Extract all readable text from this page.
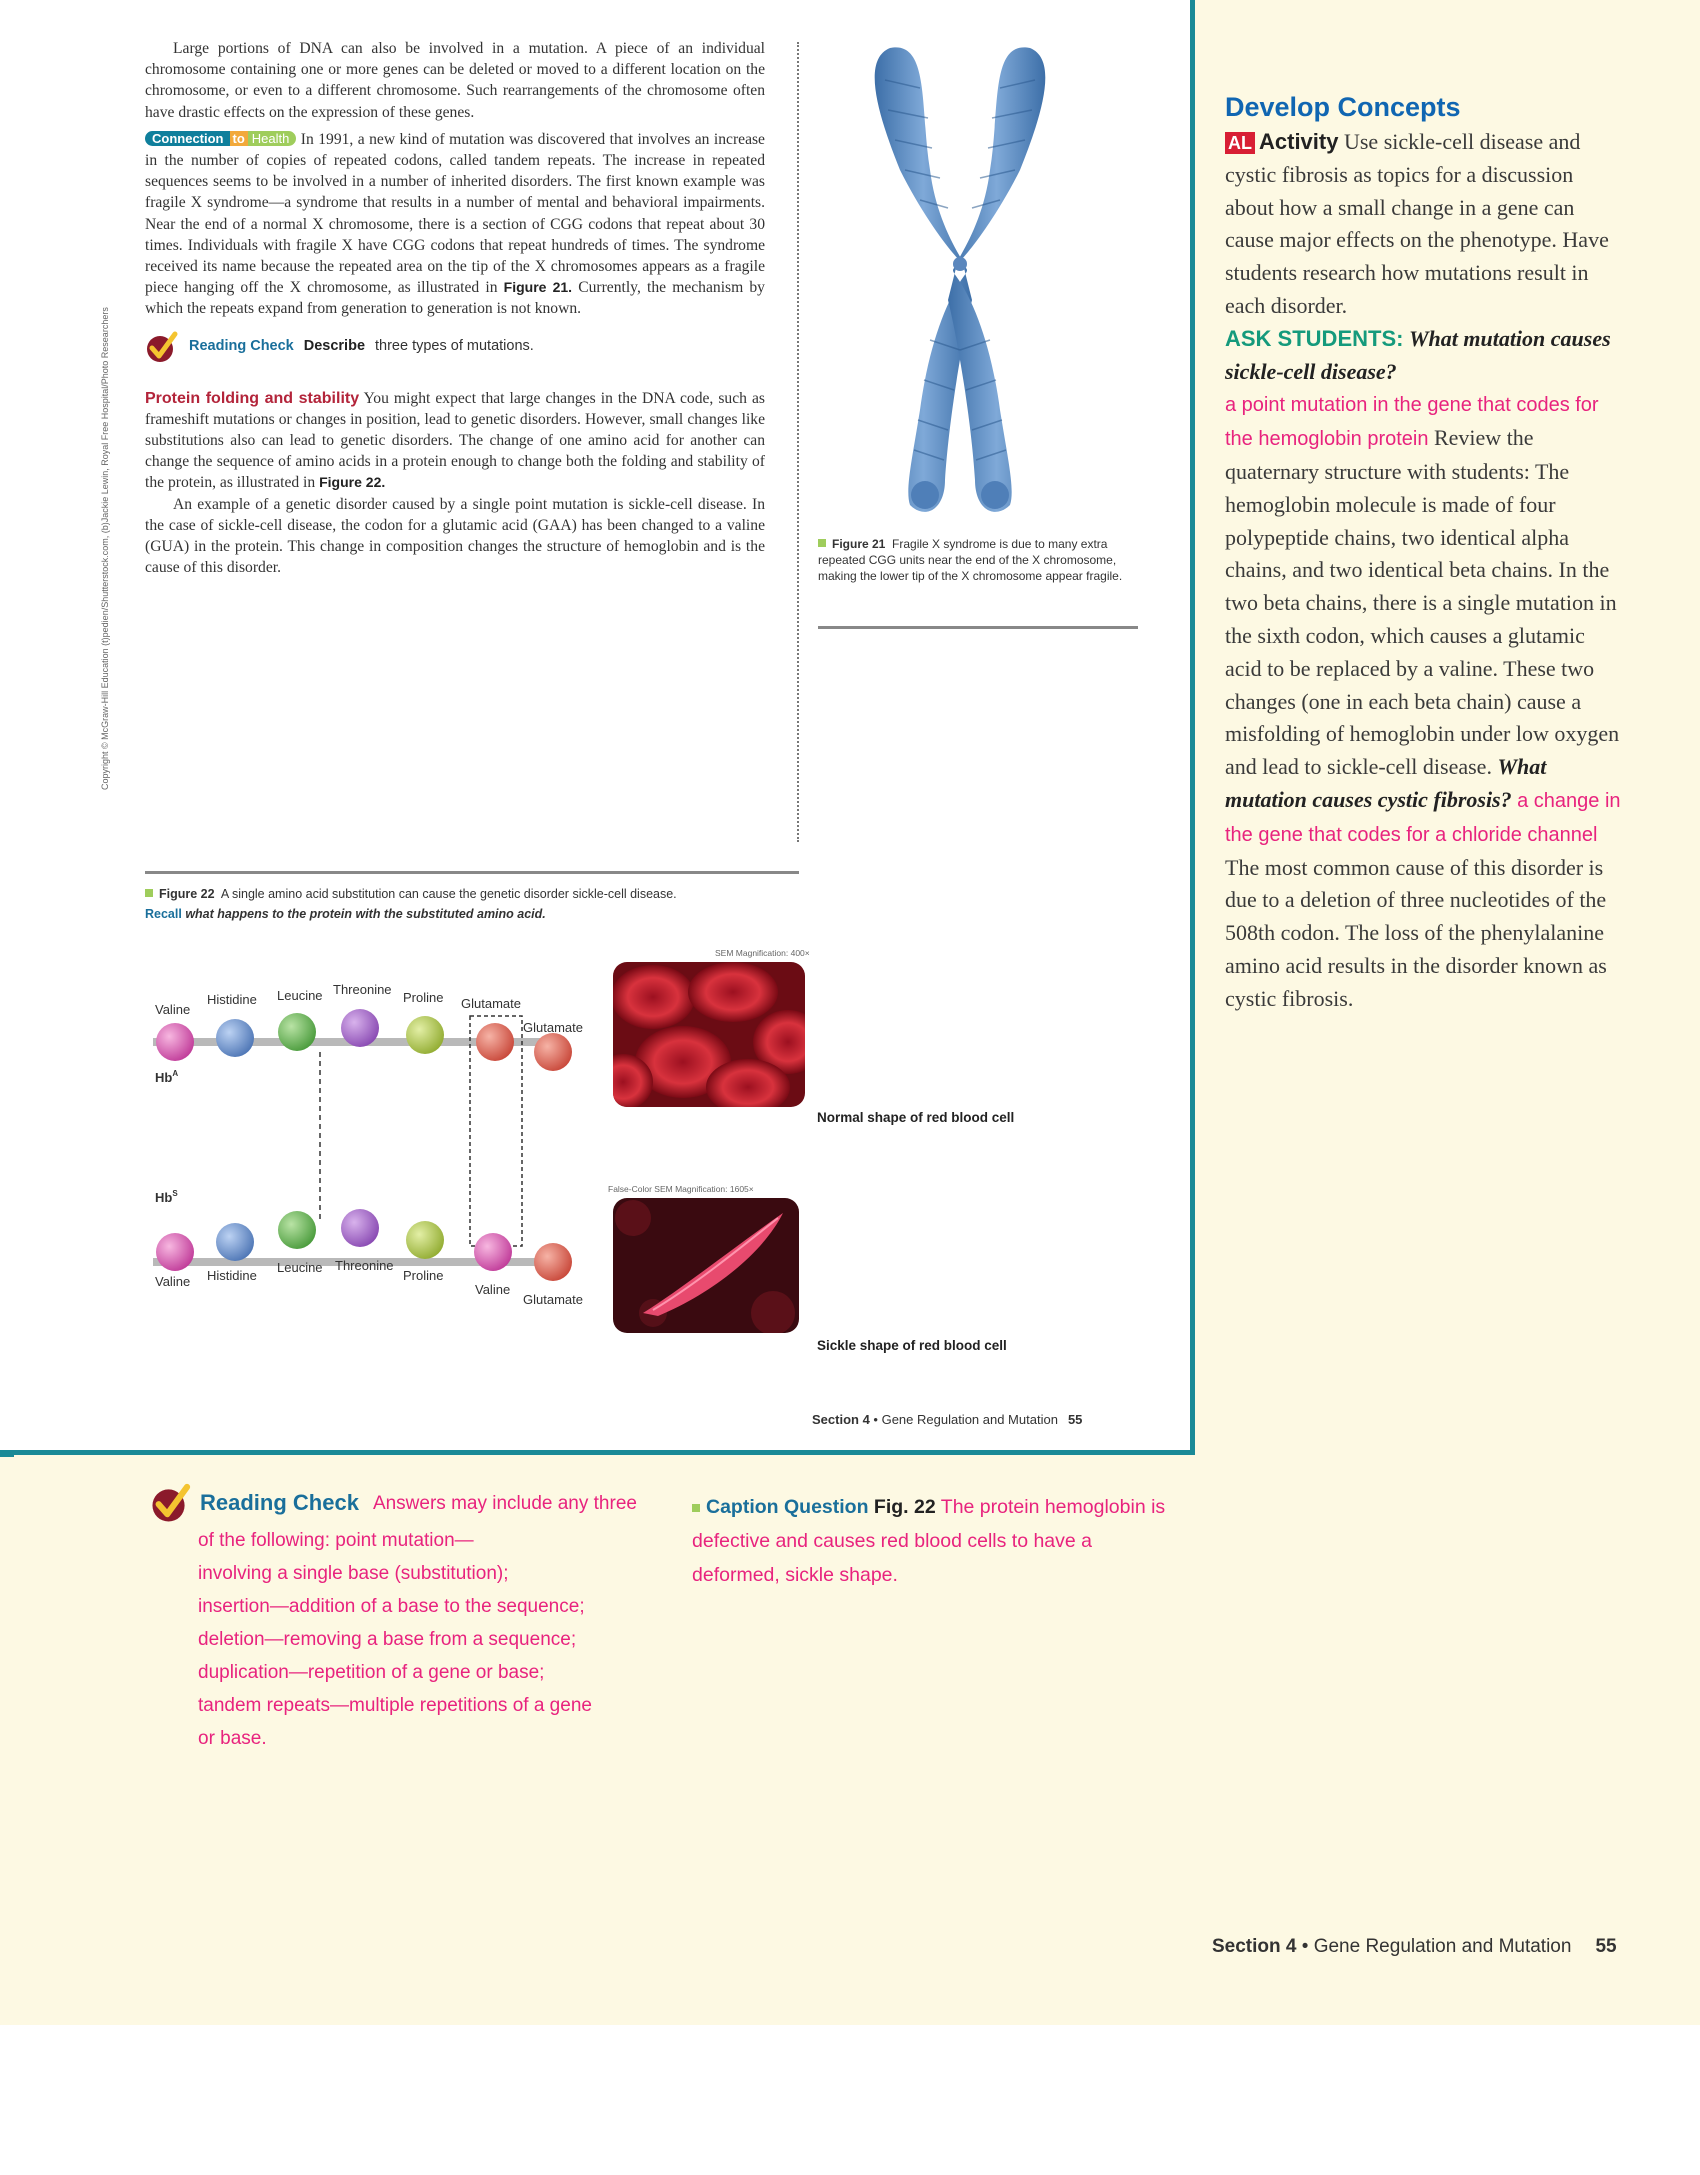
Copyright © McGraw-Hill Education (t)pedien/Shutterstock.com, (b)Jackie Lewin, Royal Free Hospital/Photo Researchers

Large portions of DNA can also be involved in a mutation. A piece of an individual chromosome containing one or more genes can be deleted or moved to a different location on the chromosome, or even to a different chromosome. Such rearrangements of the chromosome often have drastic effects on the expression of these genes.

Connection to Health In 1991, a new kind of mutation was discovered that involves an increase in the number of copies of repeated codons, called tandem repeats. The increase in repeated sequences seems to be involved in a number of inherited disorders. The first known example was fragile X syndrome—a syndrome that results in a number of mental and behavioral impairments. Near the end of a normal X chromosome, there is a section of CGG codons that repeat about 30 times. Individuals with fragile X have CGG codons that repeat hundreds of times. The syndrome received its name because the repeated area on the tip of the X chromosomes appears as a fragile piece hanging off the X chromosome, as illustrated in Figure 21. Currently, the mechanism by which the repeats expand from generation to generation is not known.

Reading Check Describe three types of mutations.

Protein folding and stability You might expect that large changes in the DNA code, such as frameshift mutations or changes in position, lead to genetic disorders. However, small changes like substitutions also can lead to genetic disorders. The change of one amino acid for another can change the sequence of amino acids in a protein enough to change both the folding and stability of the protein, as illustrated in Figure 22.

An example of a genetic disorder caused by a single point mutation is sickle-cell disease. In the case of sickle-cell disease, the codon for a glutamic acid (GAA) has been changed to a valine (GUA) in the protein. This change in composition changes the structure of hemoglobin and is the cause of this disorder.

Figure 21 Fragile X syndrome is due to many extra repeated CGG units near the end of the X chromosome, making the lower tip of the X chromosome appear fragile.
Figure 22 A single amino acid substitution can cause the genetic disorder sickle-cell disease.
Recall what happens to the protein with the substituted amino acid.
Valine
Histidine Leucine Threonine
Proline Glutamate
Glutamate
$Hb^A$
$Hb^S$
Valine Histidine
Leucine Threonine
Proline
Valine
Glutamate
SEM Magnification: 400×
Normal shape of red blood cell
False-Color SEM Magnification: 1605×
Sickle shape of red blood cell
Section 4 • Gene Regulation and Mutation 55
Develop Concepts

AL Activity Use sickle-cell disease and cystic fibrosis as topics for a discussion about how a small change in a gene can cause major effects on the phenotype. Have students research how mutations result in each disorder.

ASK STUDENTS: What mutation causes sickle-cell disease?

a point mutation in the gene that codes for the hemoglobin protein Review the quaternary structure with students: The hemoglobin molecule is made of four polypeptide chains, two identical alpha chains, and two identical beta chains. In the two beta chains, there is a single mutation in the sixth codon, which causes a glutamic acid to be replaced by a valine. These two changes (one in each beta chain) cause a misfolding of hemoglobin under low oxygen and lead to sickle-cell disease. What mutation causes cystic fibrosis? a change in the gene that codes for a chloride channel The most common cause of this disorder is due to a deletion of three nucleotides of the 508th codon. The loss of the phenylalanine amino acid results in the disorder known as cystic fibrosis.

Reading Check Answers may include any three
of the following: point mutation—
involving a single base (substitution);
insertion—addition of a base to the sequence;
deletion—removing a base from a sequence;
duplication—repetition of a gene or base;
tandem repeats—multiple repetitions of a gene
or base.
Caption Question Fig. 22 The protein hemoglobin is defective and causes red blood cells to have a deformed, sickle shape.
Section 4 • Gene Regulation and Mutation 55
